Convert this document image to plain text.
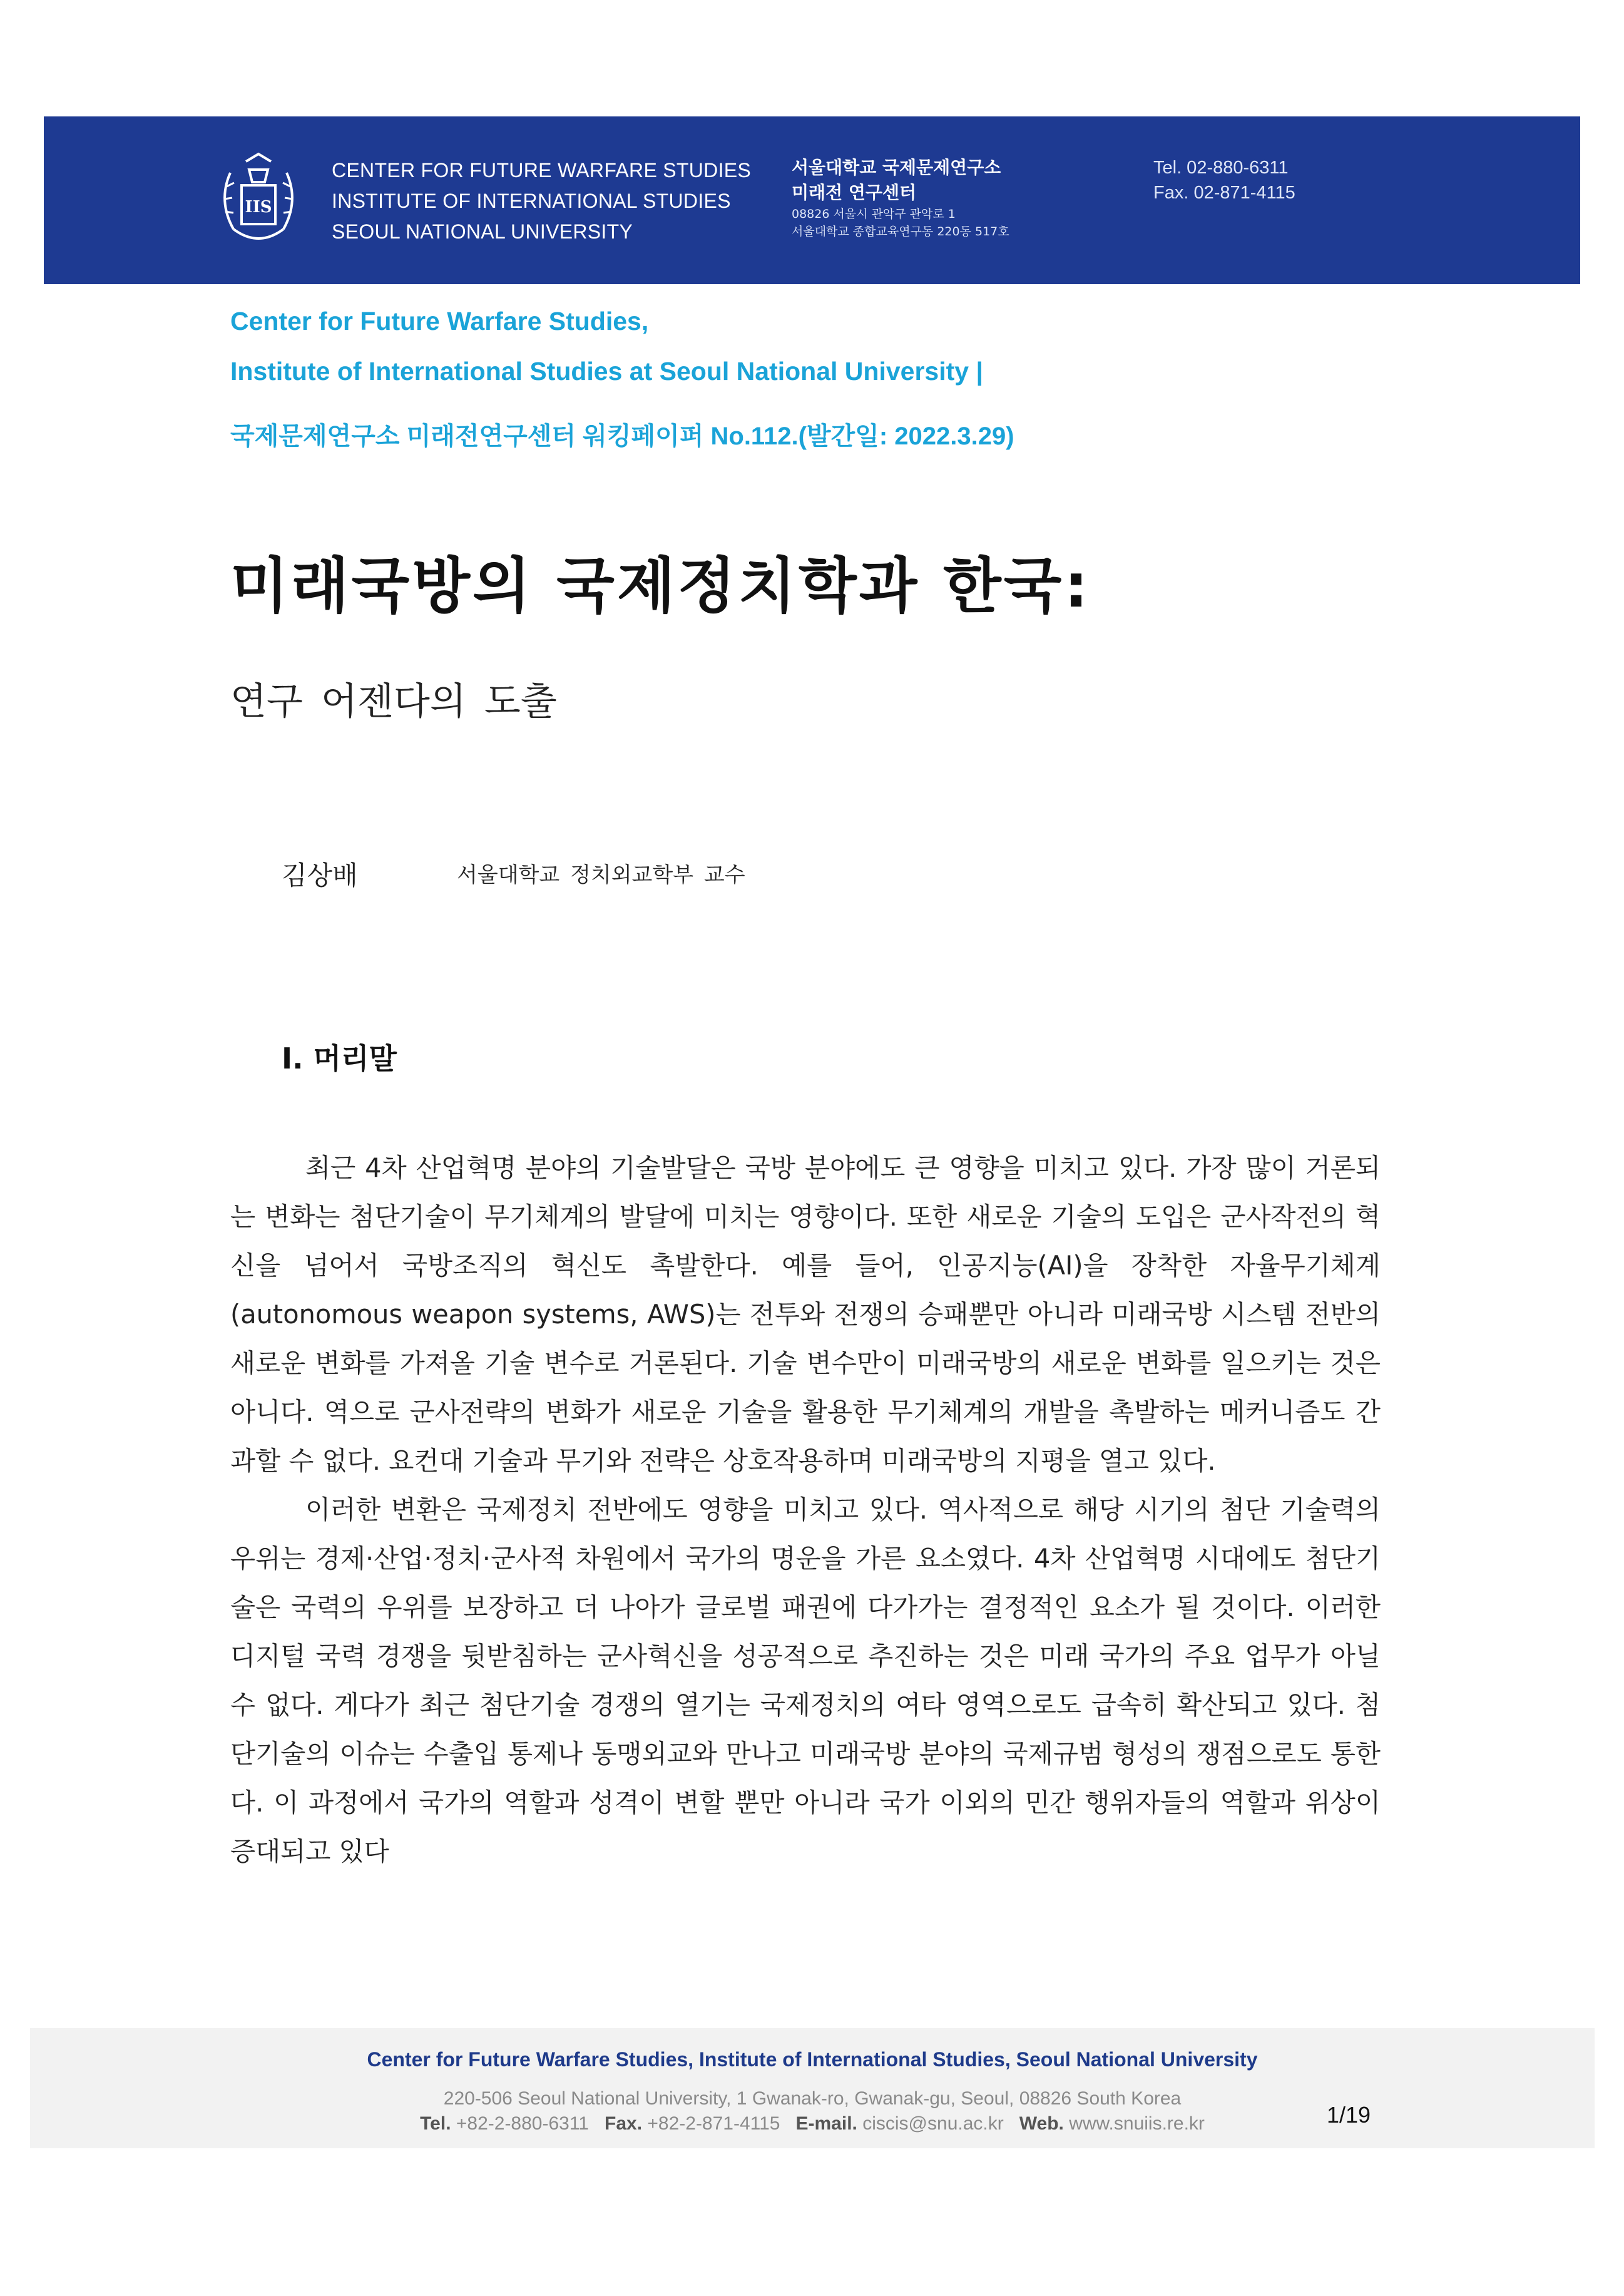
IIS
CENTER FOR FUTURE WARFARE STUDIES
INSTITUTE OF INTERNATIONAL STUDIES
SEOUL NATIONAL UNIVERSITY
서울대학교 국제문제연구소
미래전 연구센터
08826 서울시 관악구 관악로 1
서울대학교 종합교육연구동 220동 517호
Tel. 02-880-6311
Fax. 02-871-4115
Center for Future Warfare Studies,
Institute of International Studies at Seoul National University |
국제문제연구소 미래전연구센터 워킹페이퍼 No.112.(발간일: 2022.3.29)
미래국방의 국제정치학과 한국:
연구 어젠다의 도출
김상배	서울대학교 정치외교학부 교수
Ⅰ. 머리말

최근 4차 산업혁명 분야의 기술발달은 국방 분야에도 큰 영향을 미치고 있다. 가장 많이 거론되는 변화는 첨단기술이 무기체계의 발달에 미치는 영향이다. 또한 새로운 기술의 도입은 군사작전의 혁신을 넘어서 국방조직의 혁신도 촉발한다. 예를 들어, 인공지능(AI)을 장착한 자율무기체계(autonomous weapon systems, AWS)는 전투와 전쟁의 승패뿐만 아니라 미래국방 시스템 전반의 새로운 변화를 가져올 기술 변수로 거론된다. 기술 변수만이 미래국방의 새로운 변화를 일으키는 것은 아니다. 역으로 군사전략의 변화가 새로운 기술을 활용한 무기체계의 개발을 촉발하는 메커니즘도 간과할 수 없다. 요컨대 기술과 무기와 전략은 상호작용하며 미래국방의 지평을 열고 있다.

이러한 변환은 국제정치 전반에도 영향을 미치고 있다. 역사적으로 해당 시기의 첨단 기술력의 우위는 경제·산업·정치·군사적 차원에서 국가의 명운을 가른 요소였다. 4차 산업혁명 시대에도 첨단기술은 국력의 우위를 보장하고 더 나아가 글로벌 패권에 다가가는 결정적인 요소가 될 것이다. 이러한 디지털 국력 경쟁을 뒷받침하는 군사혁신을 성공적으로 추진하는 것은 미래 국가의 주요 업무가 아닐 수 없다. 게다가 최근 첨단기술 경쟁의 열기는 국제정치의 여타 영역으로도 급속히 확산되고 있다. 첨단기술의 이슈는 수출입 통제나 동맹외교와 만나고 미래국방 분야의 국제규범 형성의 쟁점으로도 통한다. 이 과정에서 국가의 역할과 성격이 변할 뿐만 아니라 국가 이외의 민간 행위자들의 역할과 위상이 증대되고 있다

Center for Future Warfare Studies, Institute of International Studies, Seoul National University
220-506 Seoul National University, 1 Gwanak-ro, Gwanak-gu, Seoul, 08826 South Korea
Tel. +82-2-880-6311 Fax. +82-2-871-4115 E-mail. ciscis@snu.ac.kr Web. www.snuiis.re.kr	1/19
